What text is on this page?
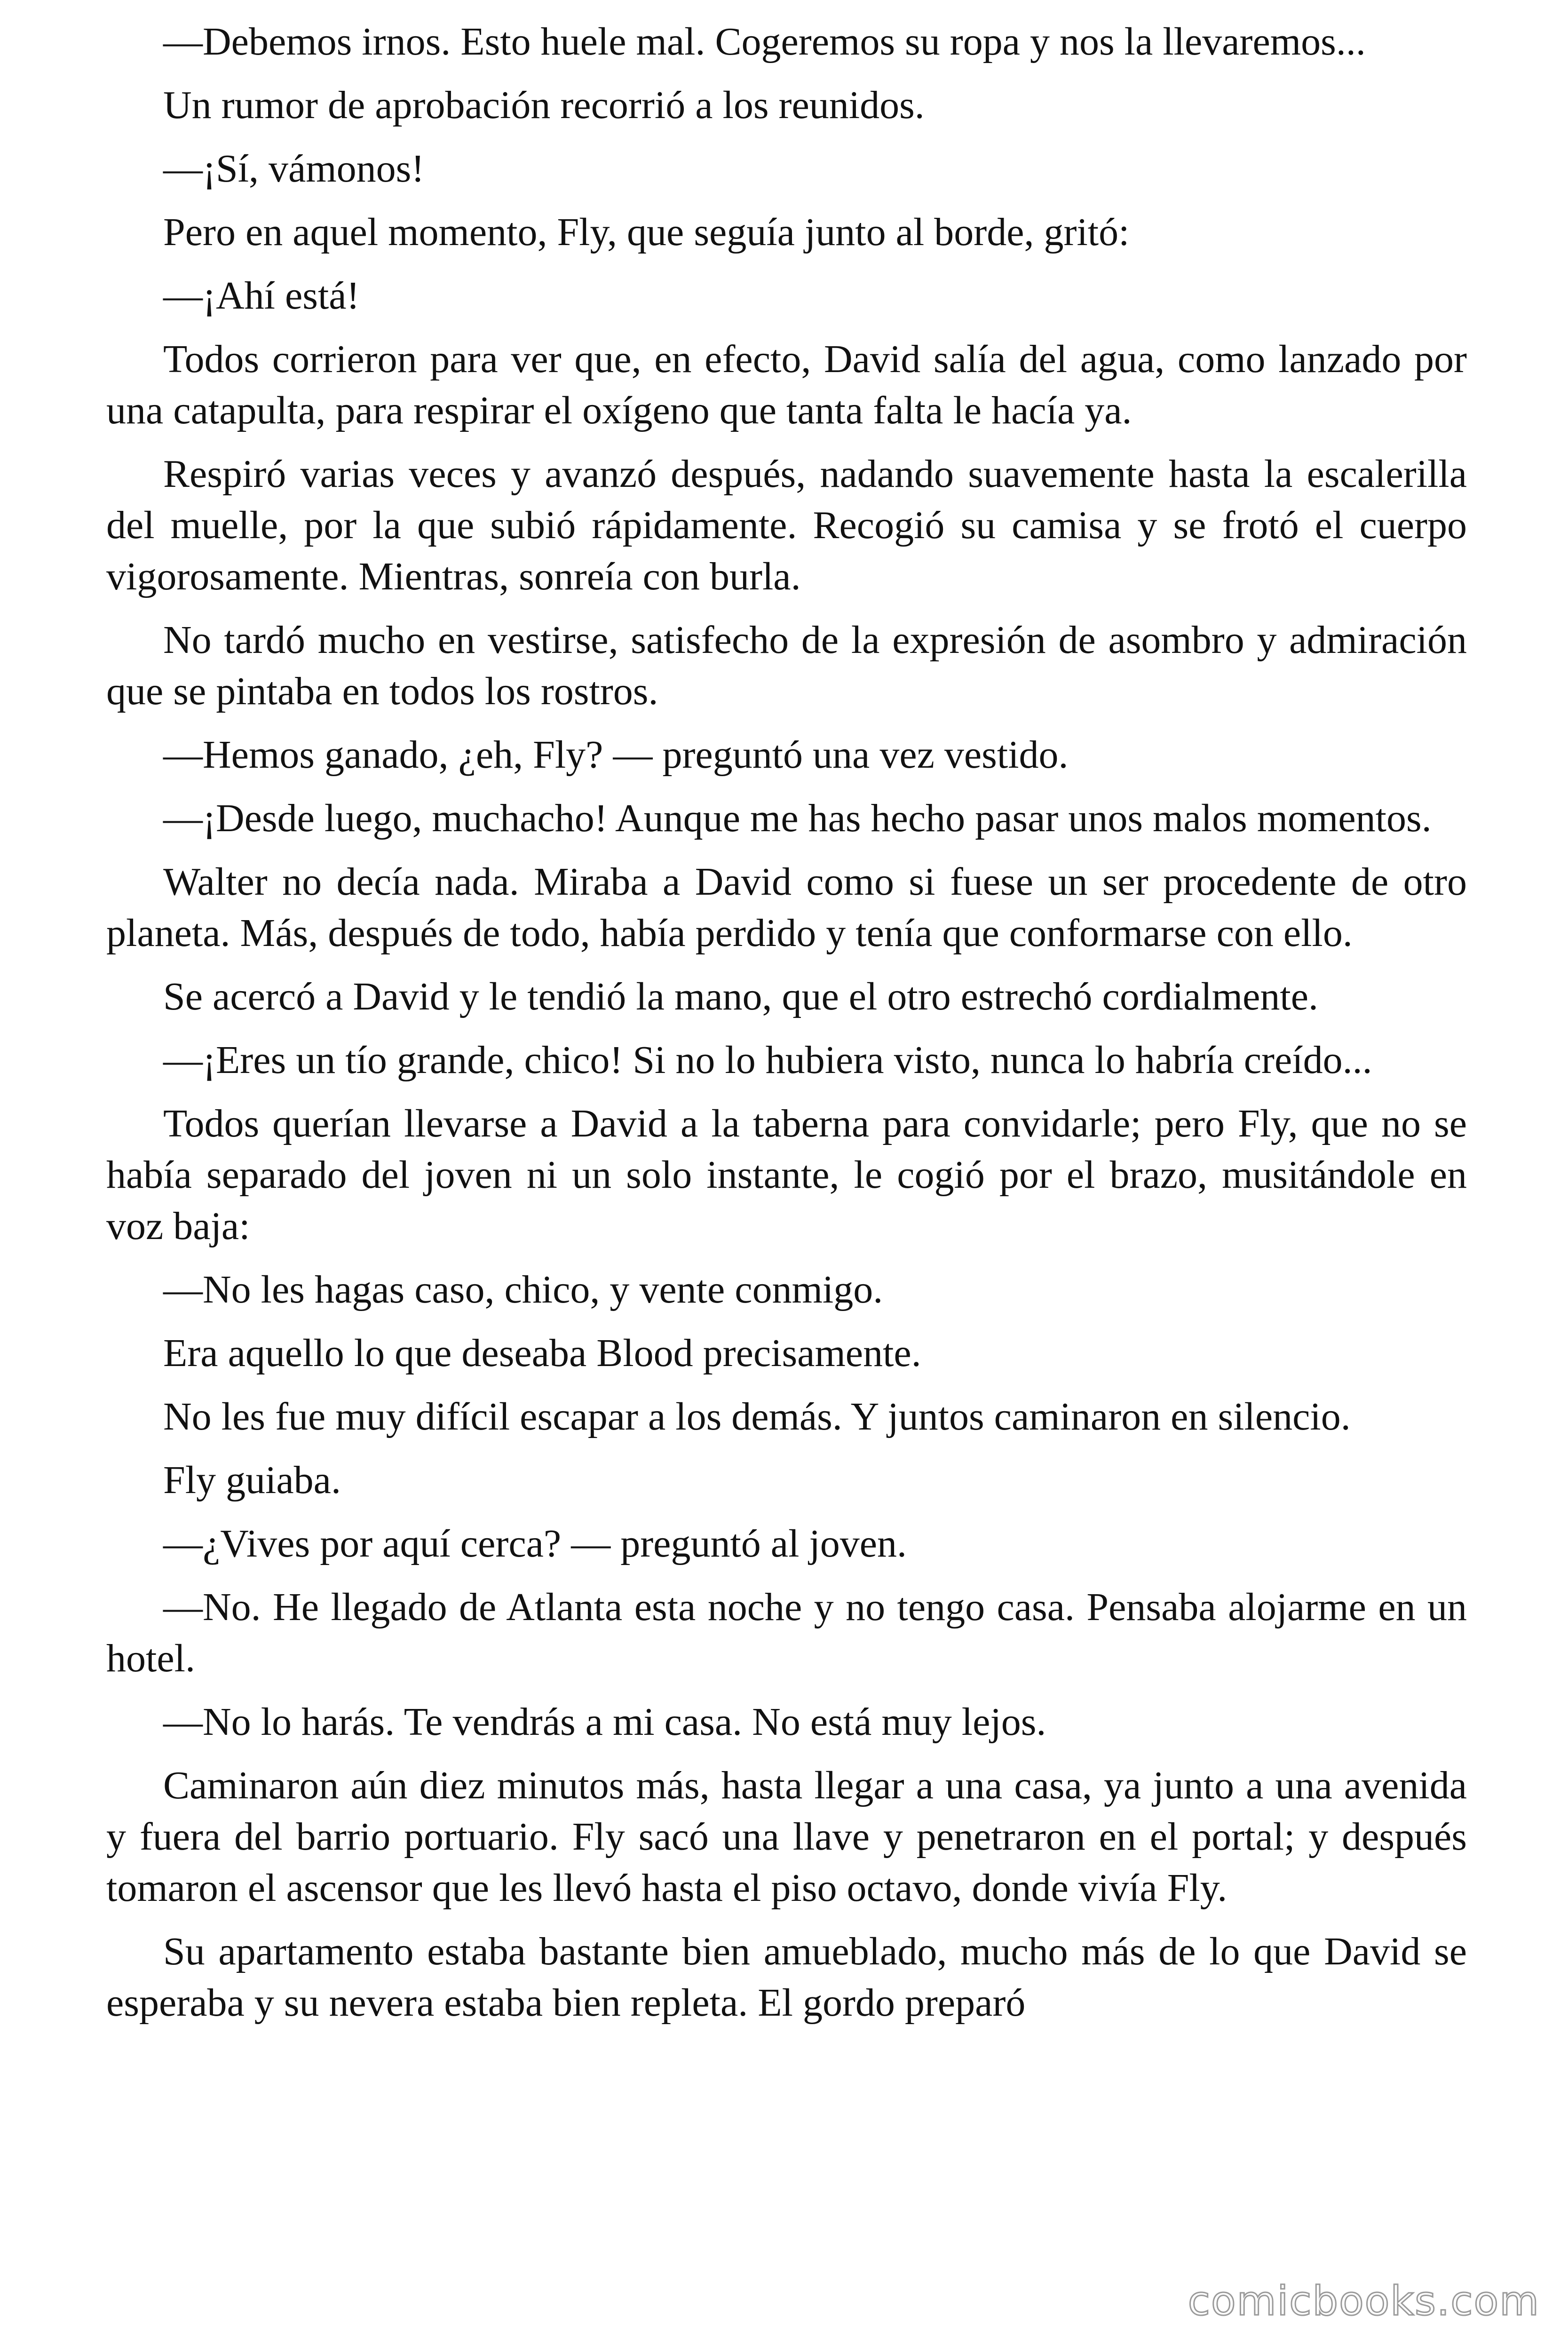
—Debemos irnos. Esto huele mal. Cogeremos su ropa y nos la llevaremos...

Un rumor de aprobación recorrió a los reunidos.

—¡Sí, vámonos!

Pero en aquel momento, Fly, que seguía junto al borde, gritó:

—¡Ahí está!

Todos corrieron para ver que, en efecto, David salía del agua, como lanzado por una catapulta, para respirar el oxígeno que tanta falta le hacía ya.

Respiró varias veces y avanzó después, nadando suavemente hasta la escalerilla del muelle, por la que subió rápidamente. Recogió su camisa y se frotó el cuerpo vigorosamente. Mientras, sonreía con burla.

No tardó mucho en vestirse, satisfecho de la expresión de asombro y admiración que se pintaba en todos los rostros.

—Hemos ganado, ¿eh, Fly? — preguntó una vez vestido.

—¡Desde luego, muchacho! Aunque me has hecho pasar unos malos momentos.

Walter no decía nada. Miraba a David como si fuese un ser procedente de otro planeta. Más, después de todo, había perdido y tenía que conformarse con ello.

Se acercó a David y le tendió la mano, que el otro estrechó cordialmente.

—¡Eres un tío grande, chico! Si no lo hubiera visto, nunca lo habría creído...

Todos querían llevarse a David a la taberna para convidarle; pero Fly, que no se había separado del joven ni un solo instante, le cogió por el brazo, musitándole en voz baja:

—No les hagas caso, chico, y vente conmigo.

Era aquello lo que deseaba Blood precisamente.

No les fue muy difícil escapar a los demás. Y juntos caminaron en silencio.

Fly guiaba.

—¿Vives por aquí cerca? — preguntó al joven.

—No. He llegado de Atlanta esta noche y no tengo casa. Pensaba alojarme en un hotel.

—No lo harás. Te vendrás a mi casa. No está muy lejos.

Caminaron aún diez minutos más, hasta llegar a una casa, ya junto a una avenida y fuera del barrio portuario. Fly sacó una llave y penetraron en el portal; y después tomaron el ascensor que les llevó hasta el piso octavo, donde vivía Fly.

Su apartamento estaba bastante bien amueblado, mucho más de lo que David se esperaba y su nevera estaba bien repleta. El gordo preparó

comicbooks.com
